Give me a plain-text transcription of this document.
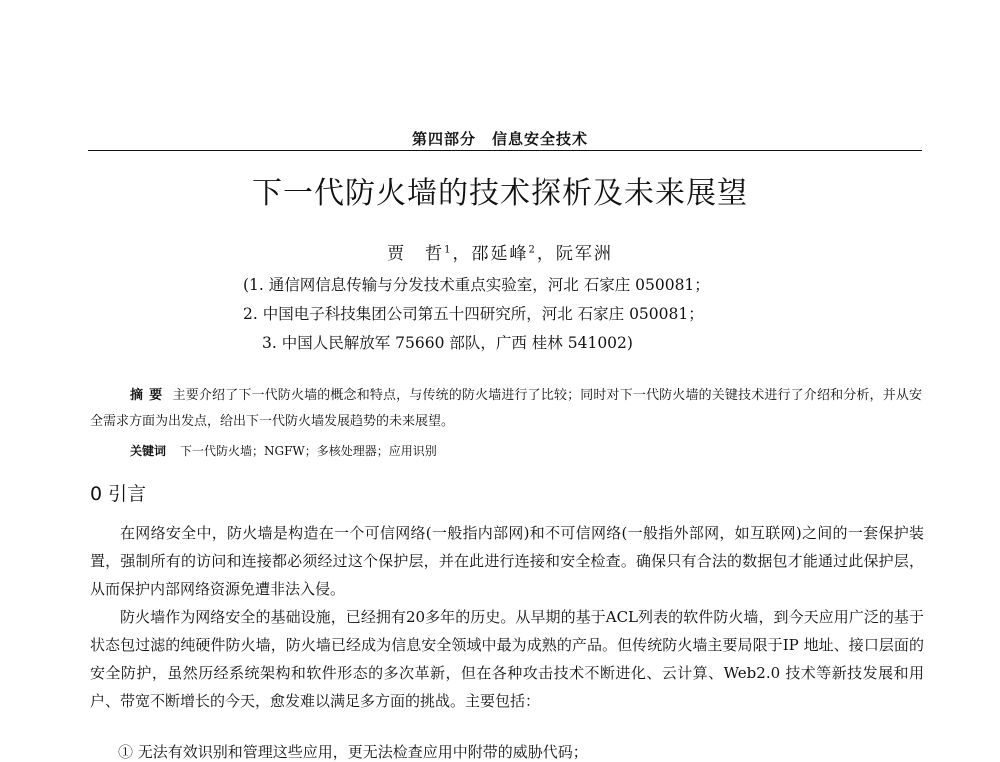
第四部分　信息安全技术
下一代防火墙的技术探析及未来展望
贾　哲$^1$，邵延峰$^2$，阮军洲
(1. 通信网信息传输与分发技术重点实验室，河北 石家庄 050081；
2. 中国电子科技集团公司第五十四研究所，河北 石家庄 050081；
3. 中国人民解放军 75660 部队，广西 桂林 541002)
摘要 主要介绍了下一代防火墙的概念和特点，与传统的防火墙进行了比较；同时对下一代防火墙的关键技术进行了介绍和分析，并从安全需求方面为出发点，给出下一代防火墙发展趋势的未来展望。
关键词 下一代防火墙；NGFW；多核处理器；应用识别
0 引言

在网络安全中，防火墙是构造在一个可信网络(一般指内部网)和不可信网络(一般指外部网，如互联网)之间的一套保护装置，强制所有的访问和连接都必须经过这个保护层，并在此进行连接和安全检查。确保只有合法的数据包才能通过此保护层，从而保护内部网络资源免遭非法入侵。

防火墙作为网络安全的基础设施，已经拥有20多年的历史。从早期的基于ACL列表的软件防火墙，到今天应用广泛的基于状态包过滤的纯硬件防火墙，防火墙已经成为信息安全领域中最为成熟的产品。但传统防火墙主要局限于IP 地址、接口层面的安全防护，虽然历经系统架构和软件形态的多次革新，但在各种攻击技术不断进化、云计算、Web2.0 技术等新技发展和用户、带宽不断增长的今天，愈发难以满足多方面的挑战。主要包括：

① 无法有效识别和管理这些应用，更无法检查应用中附带的威胁代码；
